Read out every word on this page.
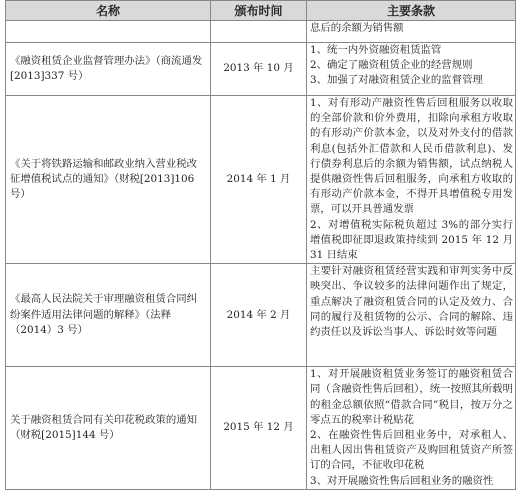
名称	颁布时间	主要条款

		息后的余额为销售额

《融资租赁企业监督管理办法》（商流通发[2013]337 号）	2013 年 10 月	1、统一内外资融资租赁监管
2、确定了融资租赁企业的经营规则
3、加强了对融资租赁企业的监督管理

《关于将铁路运输和邮政业纳入营业税改征增值税试点的通知》（财税[2013]106 号）	2014 年 1 月	1、对有形动产融资性售后回租服务以收取的全部价款和价外费用，扣除向承租方收取的有形动产价款本金，以及对外支付的借款利息(包括外汇借款和人民币借款利息)、发行债券利息后的余额为销售额，试点纳税人提供融资性售后回租服务，向承租方收取的有形动产价款本金，不得开具增值税专用发票，可以开具普通发票
2、对增值税实际税负超过 3%的部分实行增值税即征即退政策持续到 2015 年 12 月 31 日结束

《最高人民法院关于审理融资租赁合同纠纷案件适用法律问题的解释》（法释（2014）3 号）	2014 年 2 月	主要针对融资租赁经营实践和审判实务中反映突出、争议较多的法律问题作出了规定，重点解决了融资租赁合同的认定及效力、合同的履行及租赁物的公示、合同的解除、违约责任以及诉讼当事人、诉讼时效等问题

关于融资租赁合同有关印花税政策的通知（财税[2015]144 号）	2015 年 12 月	1、对开展融资租赁业务签订的融资租赁合同（含融资性售后回租），统一按照其所载明的租金总额依照“借款合同”税目，按万分之零点五的税率计税贴花
2、在融资性售后回租业务中，对承租人、出租人因出售租赁资产及购回租赁资产所签订的合同，不征收印花税
3、对开展融资性售后回租业务的融资性
